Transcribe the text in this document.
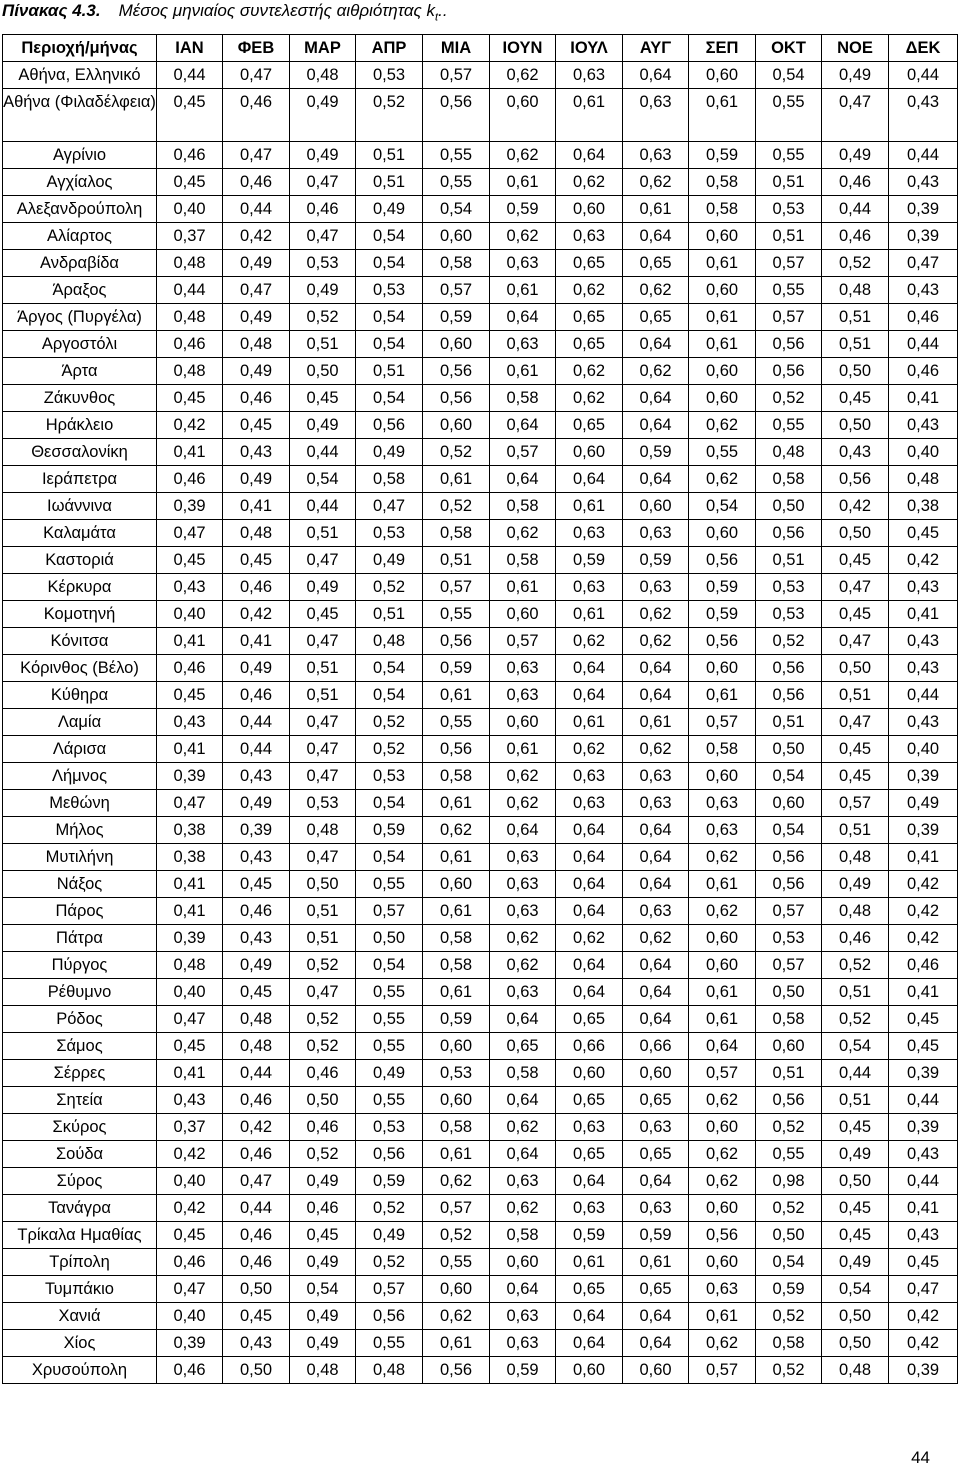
Πίνακας 4.3. Μέσος μηνιαίος συντελεστής αιθριότητας $k_t$..
Περιοχή/μήνας	ΙΑΝ	ΦΕΒ	ΜΑΡ	ΑΠΡ	ΜΙΑ	ΙΟΥΝ	ΙΟΥΛ	ΑΥΓ	ΣΕΠ	ΟΚΤ	ΝΟΕ	ΔΕΚ
Αθήνα, Ελληνικό	0,44	0,47	0,48	0,53	0,57	0,62	0,63	0,64	0,60	0,54	0,49	0,44
Αθήνα (Φιλαδέλφεια)	0,45	0,46	0,49	0,52	0,56	0,60	0,61	0,63	0,61	0,55	0,47	0,43
Αγρίνιο	0,46	0,47	0,49	0,51	0,55	0,62	0,64	0,63	0,59	0,55	0,49	0,44
Αγχίαλος	0,45	0,46	0,47	0,51	0,55	0,61	0,62	0,62	0,58	0,51	0,46	0,43
Αλεξανδρούπολη	0,40	0,44	0,46	0,49	0,54	0,59	0,60	0,61	0,58	0,53	0,44	0,39
Αλίαρτος	0,37	0,42	0,47	0,54	0,60	0,62	0,63	0,64	0,60	0,51	0,46	0,39
Ανδραβίδα	0,48	0,49	0,53	0,54	0,58	0,63	0,65	0,65	0,61	0,57	0,52	0,47
Άραξος	0,44	0,47	0,49	0,53	0,57	0,61	0,62	0,62	0,60	0,55	0,48	0,43
Άργος (Πυργέλα)	0,48	0,49	0,52	0,54	0,59	0,64	0,65	0,65	0,61	0,57	0,51	0,46
Αργοστόλι	0,46	0,48	0,51	0,54	0,60	0,63	0,65	0,64	0,61	0,56	0,51	0,44
Άρτα	0,48	0,49	0,50	0,51	0,56	0,61	0,62	0,62	0,60	0,56	0,50	0,46
Ζάκυνθος	0,45	0,46	0,45	0,54	0,56	0,58	0,62	0,64	0,60	0,52	0,45	0,41
Ηράκλειο	0,42	0,45	0,49	0,56	0,60	0,64	0,65	0,64	0,62	0,55	0,50	0,43
Θεσσαλονίκη	0,41	0,43	0,44	0,49	0,52	0,57	0,60	0,59	0,55	0,48	0,43	0,40
Ιεράπετρα	0,46	0,49	0,54	0,58	0,61	0,64	0,64	0,64	0,62	0,58	0,56	0,48
Ιωάννινα	0,39	0,41	0,44	0,47	0,52	0,58	0,61	0,60	0,54	0,50	0,42	0,38
Καλαμάτα	0,47	0,48	0,51	0,53	0,58	0,62	0,63	0,63	0,60	0,56	0,50	0,45
Καστοριά	0,45	0,45	0,47	0,49	0,51	0,58	0,59	0,59	0,56	0,51	0,45	0,42
Κέρκυρα	0,43	0,46	0,49	0,52	0,57	0,61	0,63	0,63	0,59	0,53	0,47	0,43
Κομοτηνή	0,40	0,42	0,45	0,51	0,55	0,60	0,61	0,62	0,59	0,53	0,45	0,41
Κόνιτσα	0,41	0,41	0,47	0,48	0,56	0,57	0,62	0,62	0,56	0,52	0,47	0,43
Κόρινθος (Βέλο)	0,46	0,49	0,51	0,54	0,59	0,63	0,64	0,64	0,60	0,56	0,50	0,43
Κύθηρα	0,45	0,46	0,51	0,54	0,61	0,63	0,64	0,64	0,61	0,56	0,51	0,44
Λαμία	0,43	0,44	0,47	0,52	0,55	0,60	0,61	0,61	0,57	0,51	0,47	0,43
Λάρισα	0,41	0,44	0,47	0,52	0,56	0,61	0,62	0,62	0,58	0,50	0,45	0,40
Λήμνος	0,39	0,43	0,47	0,53	0,58	0,62	0,63	0,63	0,60	0,54	0,45	0,39
Μεθώνη	0,47	0,49	0,53	0,54	0,61	0,62	0,63	0,63	0,63	0,60	0,57	0,49
Μήλος	0,38	0,39	0,48	0,59	0,62	0,64	0,64	0,64	0,63	0,54	0,51	0,39
Μυτιλήνη	0,38	0,43	0,47	0,54	0,61	0,63	0,64	0,64	0,62	0,56	0,48	0,41
Νάξος	0,41	0,45	0,50	0,55	0,60	0,63	0,64	0,64	0,61	0,56	0,49	0,42
Πάρος	0,41	0,46	0,51	0,57	0,61	0,63	0,64	0,63	0,62	0,57	0,48	0,42
Πάτρα	0,39	0,43	0,51	0,50	0,58	0,62	0,62	0,62	0,60	0,53	0,46	0,42
Πύργος	0,48	0,49	0,52	0,54	0,58	0,62	0,64	0,64	0,60	0,57	0,52	0,46
Ρέθυμνο	0,40	0,45	0,47	0,55	0,61	0,63	0,64	0,64	0,61	0,50	0,51	0,41
Ρόδος	0,47	0,48	0,52	0,55	0,59	0,64	0,65	0,64	0,61	0,58	0,52	0,45
Σάμος	0,45	0,48	0,52	0,55	0,60	0,65	0,66	0,66	0,64	0,60	0,54	0,45
Σέρρες	0,41	0,44	0,46	0,49	0,53	0,58	0,60	0,60	0,57	0,51	0,44	0,39
Σητεία	0,43	0,46	0,50	0,55	0,60	0,64	0,65	0,65	0,62	0,56	0,51	0,44
Σκύρος	0,37	0,42	0,46	0,53	0,58	0,62	0,63	0,63	0,60	0,52	0,45	0,39
Σούδα	0,42	0,46	0,52	0,56	0,61	0,64	0,65	0,65	0,62	0,55	0,49	0,43
Σύρος	0,40	0,47	0,49	0,59	0,62	0,63	0,64	0,64	0,62	0,98	0,50	0,44
Τανάγρα	0,42	0,44	0,46	0,52	0,57	0,62	0,63	0,63	0,60	0,52	0,45	0,41
Τρίκαλα Ημαθίας	0,45	0,46	0,45	0,49	0,52	0,58	0,59	0,59	0,56	0,50	0,45	0,43
Τρίπολη	0,46	0,46	0,49	0,52	0,55	0,60	0,61	0,61	0,60	0,54	0,49	0,45
Τυμπάκιο	0,47	0,50	0,54	0,57	0,60	0,64	0,65	0,65	0,63	0,59	0,54	0,47
Χανιά	0,40	0,45	0,49	0,56	0,62	0,63	0,64	0,64	0,61	0,52	0,50	0,42
Χίος	0,39	0,43	0,49	0,55	0,61	0,63	0,64	0,64	0,62	0,58	0,50	0,42
Χρυσούπολη	0,46	0,50	0,48	0,48	0,56	0,59	0,60	0,60	0,57	0,52	0,48	0,39
44
